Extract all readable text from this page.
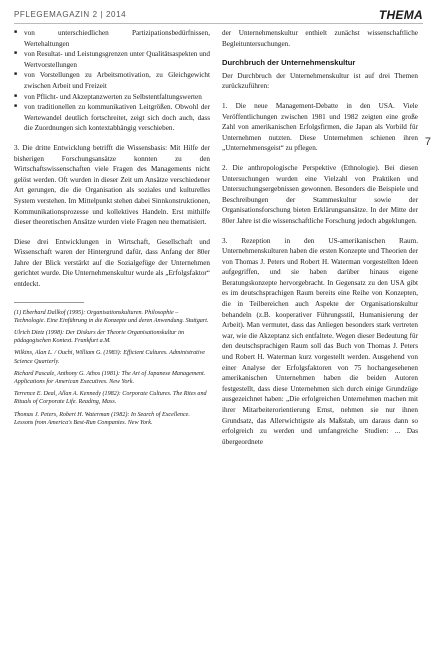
PFLEGEMAGAZIN 2 | 2014	THEMA
7
■ von unterschiedlichen Partizipationsbedürfnissen, Wertehaltungen
■ von Resultat- und Leistungsgrenzen unter Qualitätsaspekten und Wertvorstellungen
■ von Vorstellungen zu Arbeitsmotivation, zu Gleichgewicht zwischen Arbeit und Freizeit
■ von Pflicht- und Akzeptanzwerten zu Selbstentfaltungswerten
■ von traditionellen zu kommunikativen Leitgrößen. Obwohl der Wertewandel deutlich fortschreitet, zeigt sich doch auch, dass die Zuordnungen sich kontextabhängig verschieben.

3. Die dritte Entwicklung betrifft die Wissensbasis: Mit Hilfe der bisherigen Forschungsansätze konnten zu den Wirtschaftswissenschaften viele Fragen des Managements nicht gelöst werden. Oft wurden in dieser Zeit um Ansätze verschiedener Art gerungen, die die Organisation als soziales und kulturelles System verstehen. Im Mittelpunkt stehen dabei Sinnkonstruktionen, Kommunikationsprozesse und kollektives Handeln. Erst mithilfe dieser theoretischen Ansätze wurden viele Fragen neu thematisiert.

Diese drei Entwicklungen in Wirtschaft, Gesellschaft und Wissenschaft waren der Hintergrund dafür, dass Anfang der 80er Jahre der Blick verstärkt auf die Sozialgefüge der Unternehmen gerichtet wurde. Die Unternehmenskultur wurde als „Erfolgsfaktor“ entdeckt.

(1) Eberhard Dallkof (1995): Organisationskulturen. Philosophie – Technologie. Eine Einführung in die Konzepte und deren Anwendung. Stuttgart.

Ulrich Dietz (1998): Der Diskurs der Theorie Organisationskultur im pädagogischen Kontext. Frankfurt a.M.

Wilkins, Alan L. / Ouchi, William G. (1983): Efficient Cultures. Administrative Science Quarterly.

Richard Pascale, Anthony G. Athos (1981): The Art of Japanese Management. Applications for American Executives. New York.

Terrence E. Deal, Allan A. Kennedy (1982): Corporate Cultures. The Rites and Rituals of Corporate Life. Reading, Mass.

Thomas J. Peters, Robert H. Waterman (1982): In Search of Excellence. Lessons from America's Best-Run Companies. New York.

der Unternehmenskultur enthielt zunächst wissenschaftliche Begleituntersuchungen.

Durchbruch der Unternehmenskultur

Der Durchbruch der Unternehmenskultur ist auf drei Themen zurückzuführen:

1. Die neue Management-Debatte in den USA. Viele Veröffentlichungen zwischen 1981 und 1982 zeigten eine große Zahl von amerikanischen Erfolgsfirmen, die Japan als Vorbild für Unternehmen nutzten. Diese Unternehmen schienen ihren „Unternehmensgeist“ zu pflegen.

2. Die anthropologische Perspektive (Ethnologie). Bei diesen Untersuchungen wurden eine Vielzahl von Praktiken und Untersuchungsergebnissen gewonnen. Besonders die Beispiele und Beschreibungen der Stammeskultur sowie der Organisationsforschung bieten Erklärungsansätze. In der Mitte der 80er Jahre ist die wissenschaftliche Forschung jedoch abgeklungen.

3. Rezeption in den US-amerikanischen Raum. Unternehmenskulturen haben die ersten Konzepte und Theorien der von Thomas J. Peters und Robert H. Waterman vorgestellten Ideen aufgegriffen, und sie haben darüber hinaus eigene Beratungskonzepte hervorgebracht. In Gegensatz zu den USA gibt es im deutschsprachigen Raum bereits eine Reihe von Konzepten, die in Teilbereichen auch Aspekte der Organisationskultur behandeln (z.B. kooperativer Führungsstil, Humanisierung der Arbeit). Man vermutet, dass das Anliegen besonders stark vertreten war, wie die Akzeptanz sich entfaltete. Wegen dieser Bedeutung für den deutschsprachigen Raum soll das Buch von Thomas J. Peters und Robert H. Waterman kurz vorgestellt werden. Ausgehend von einer Analyse der Erfolgsfaktoren von 75 hochangesehenen amerikanischen Unternehmen haben die beiden Autoren festgestellt, dass diese Unternehmen sich durch einige Grundzüge ausgezeichnet haben: „Die erfolgreichen Unternehmen machen mit ihrer Mitarbeiterorientierung Ernst, nehmen sie nur ihnen Grundsatz, das Allerwichtigste als Maßstab, um daraus dann so erfolgreich zu werden und umfangreiche Studien: ... Das übergeordnete
